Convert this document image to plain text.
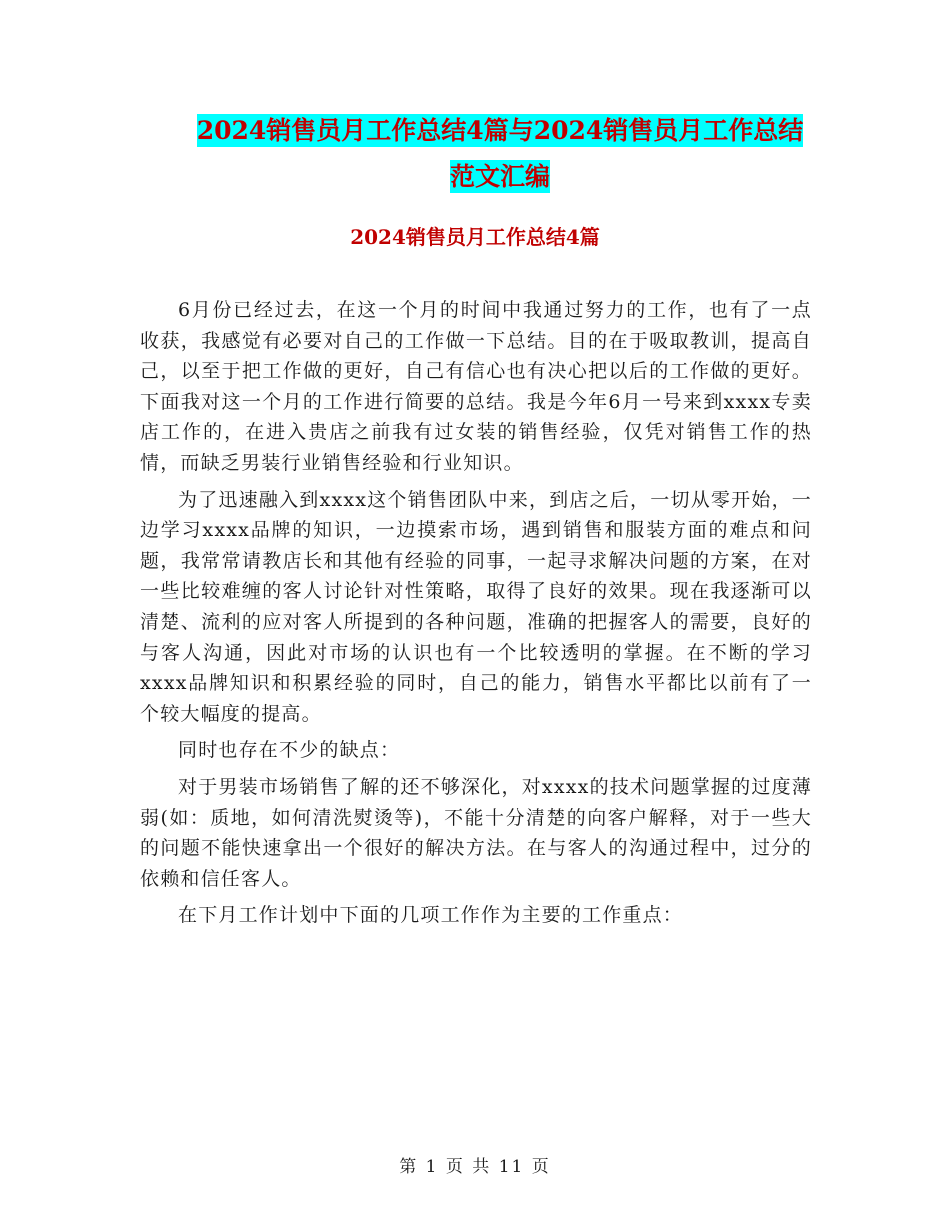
2024销售员月工作总结4篇与2024销售员月工作总结
范文汇编
2024销售员月工作总结4篇

6月份已经过去，在这一个月的时间中我通过努力的工作，也有了一点收获，我感觉有必要对自己的工作做一下总结。目的在于吸取教训，提高自己，以至于把工作做的更好，自己有信心也有决心把以后的工作做的更好。下面我对这一个月的工作进行简要的总结。我是今年6月一号来到xxxx专卖店工作的，在进入贵店之前我有过女装的销售经验，仅凭对销售工作的热情，而缺乏男装行业销售经验和行业知识。

为了迅速融入到xxxx这个销售团队中来，到店之后，一切从零开始，一边学习xxxx品牌的知识，一边摸索市场，遇到销售和服装方面的难点和问题，我常常请教店长和其他有经验的同事，一起寻求解决问题的方案，在对一些比较难缠的客人讨论针对性策略，取得了良好的效果。现在我逐渐可以清楚、流利的应对客人所提到的各种问题，准确的把握客人的需要，良好的与客人沟通，因此对市场的认识也有一个比较透明的掌握。在不断的学习xxxx品牌知识和积累经验的同时，自己的能力，销售水平都比以前有了一个较大幅度的提高。

同时也存在不少的缺点：

对于男装市场销售了解的还不够深化，对xxxx的技术问题掌握的过度薄弱(如：质地，如何清洗熨烫等)，不能十分清楚的向客户解释，对于一些大的问题不能快速拿出一个很好的解决方法。在与客人的沟通过程中，过分的依赖和信任客人。

在下月工作计划中下面的几项工作作为主要的工作重点：

第 1 页 共 11 页
